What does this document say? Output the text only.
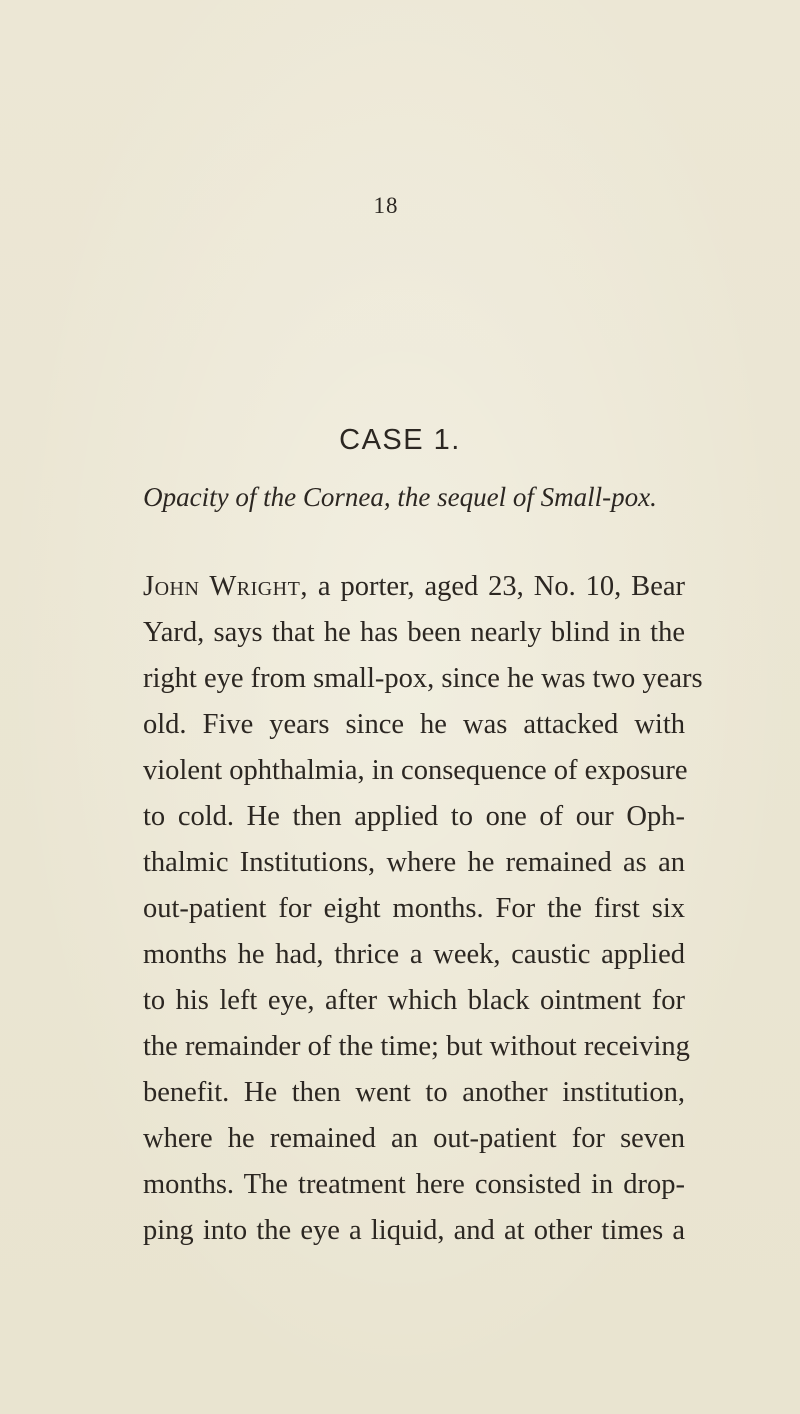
18
CASE 1.
Opacity of the Cornea, the sequel of Small-pox.
John Wright, a porter, aged 23, No. 10, Bear
Yard, says that he has been nearly blind in the
right eye from small-pox, since he was two years
old. Five years since he was attacked with
violent ophthalmia, in consequence of exposure
to cold. He then applied to one of our Oph-
thalmic Institutions, where he remained as an
out-patient for eight months. For the first six
months he had, thrice a week, caustic applied
to his left eye, after which black ointment for
the remainder of the time; but without receiving
benefit. He then went to another institution,
where he remained an out-patient for seven
months. The treatment here consisted in drop-
ping into the eye a liquid, and at other times a
